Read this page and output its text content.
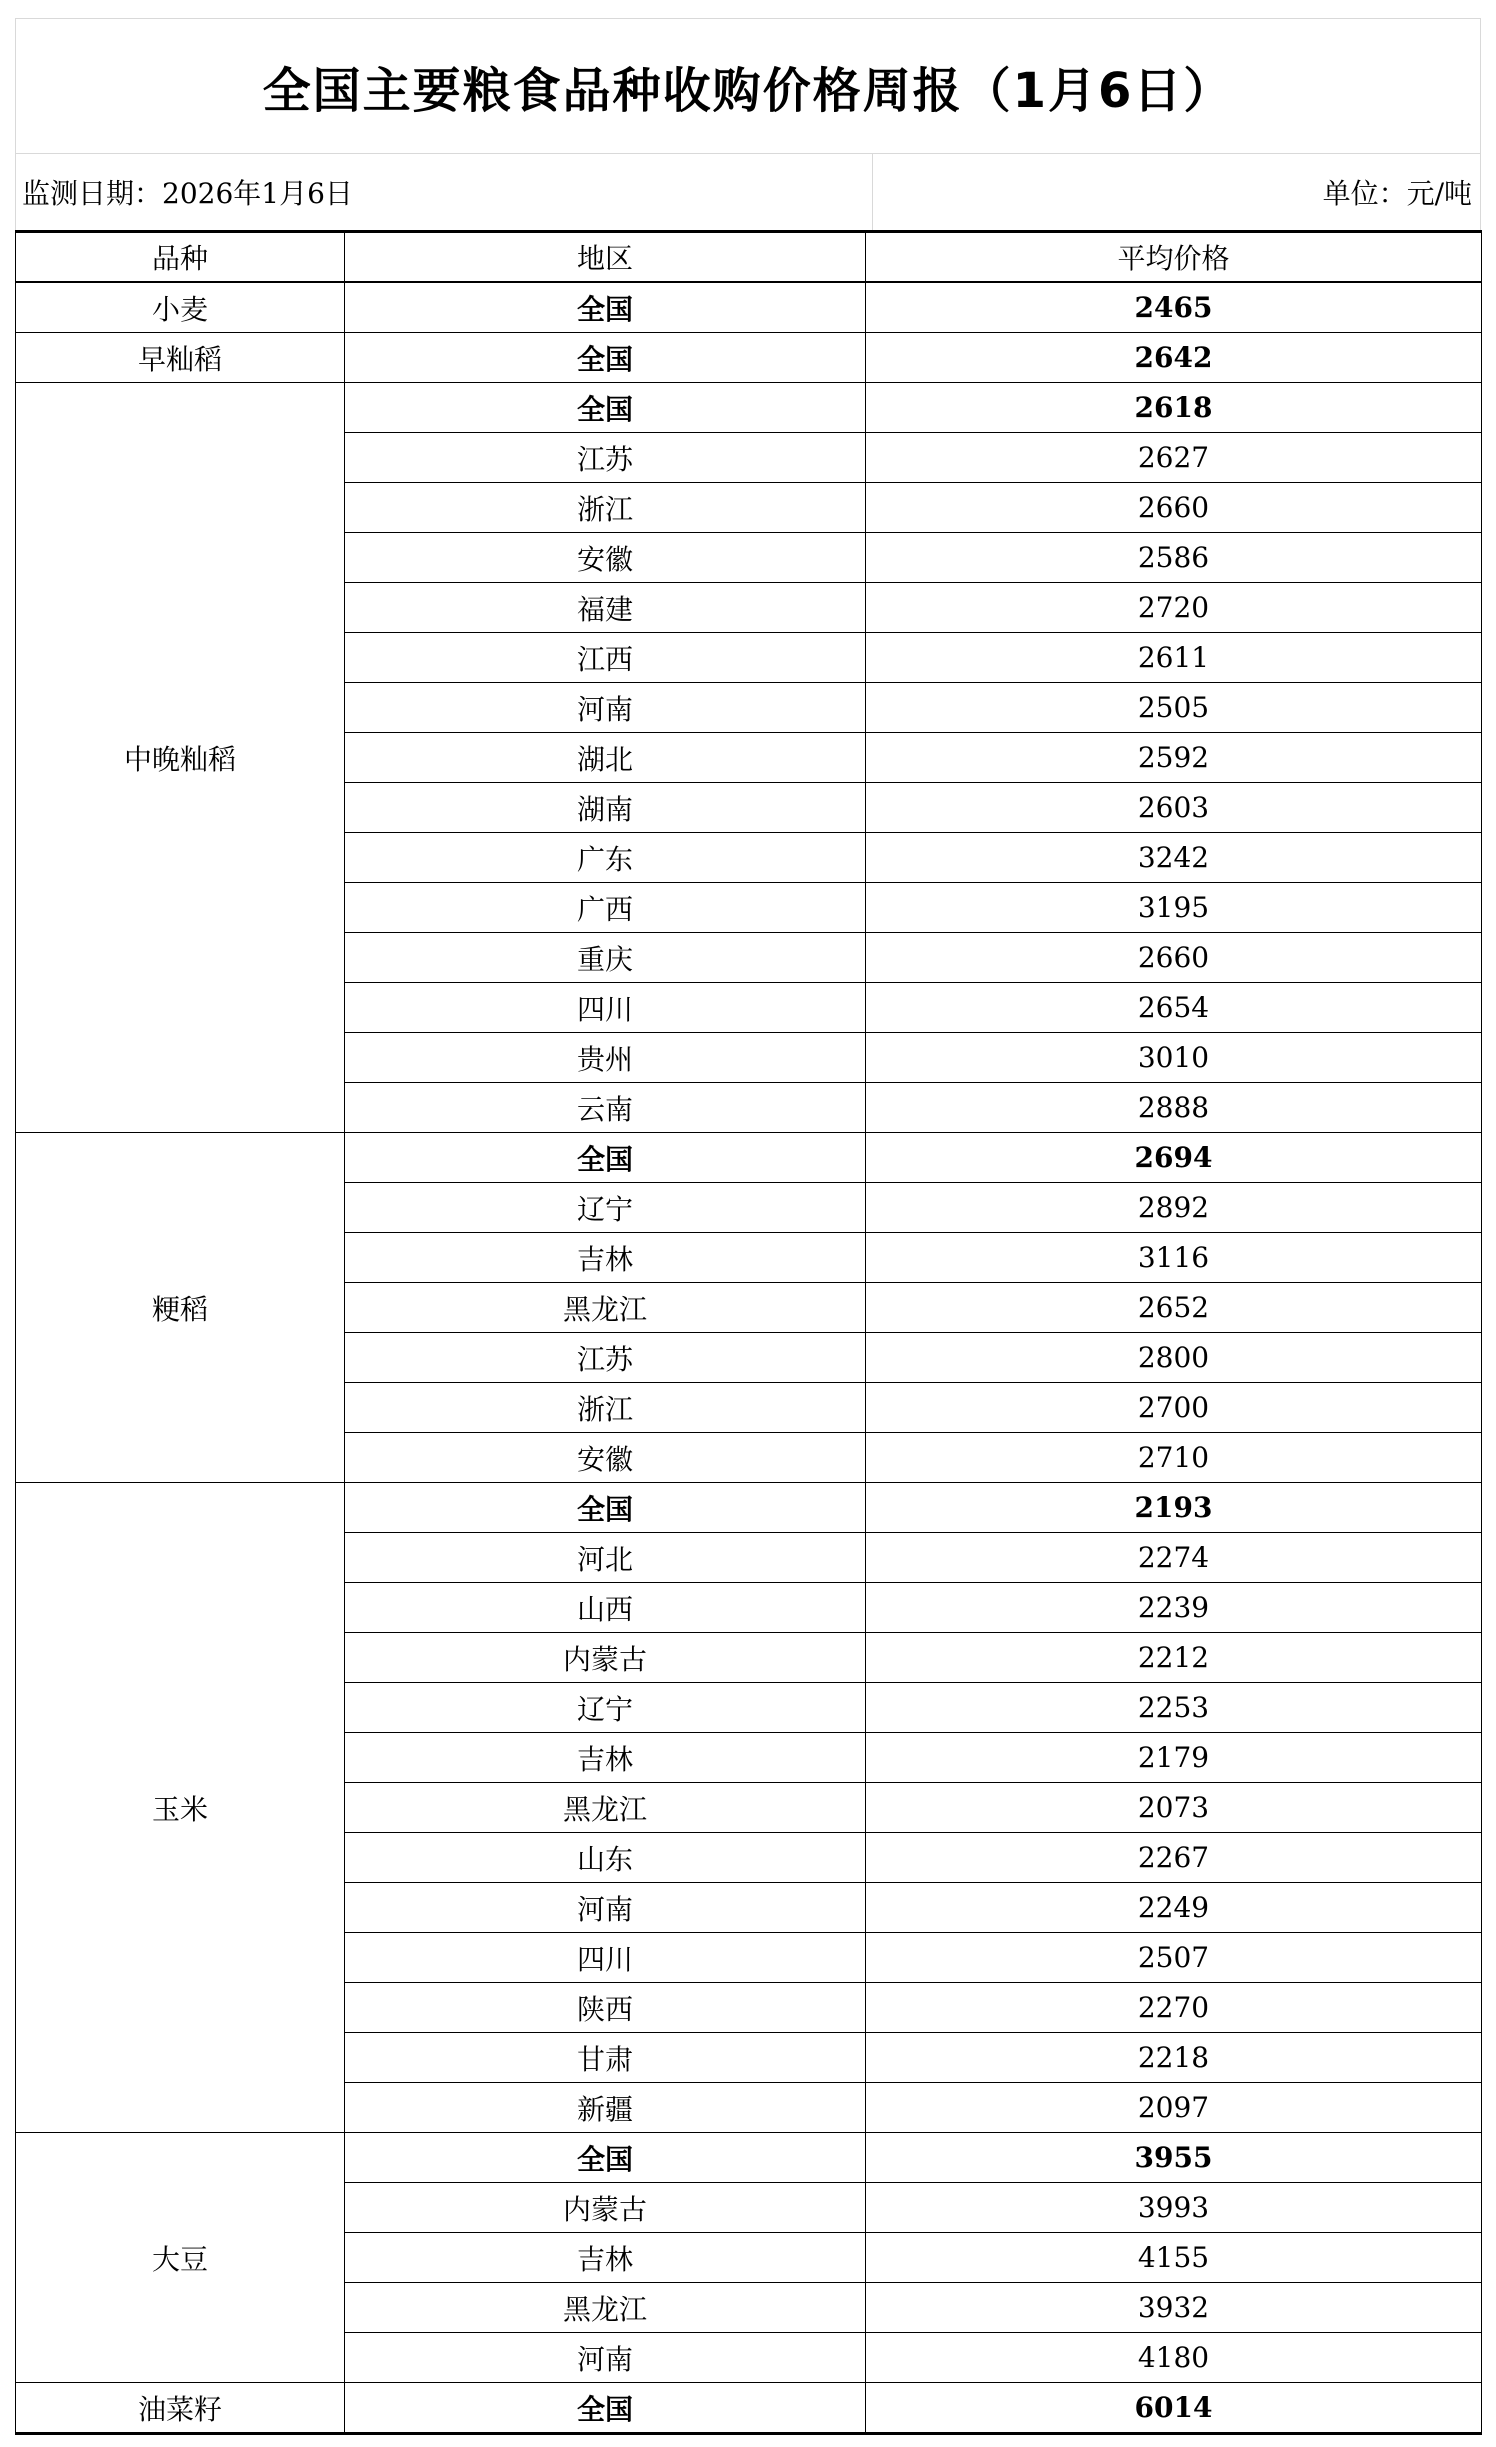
全国主要粮食品种收购价格周报（1月6日）
监测日期：2026年1月6日	单位：元/吨
品种	地区	平均价格
小麦	全国	2465
早籼稻	全国	2642
中晚籼稻	全国	2618
	江苏	2627
	浙江	2660
	安徽	2586
	福建	2720
	江西	2611
	河南	2505
	湖北	2592
	湖南	2603
	广东	3242
	广西	3195
	重庆	2660
	四川	2654
	贵州	3010
	云南	2888
粳稻	全国	2694
	辽宁	2892
	吉林	3116
	黑龙江	2652
	江苏	2800
	浙江	2700
	安徽	2710
玉米	全国	2193
	河北	2274
	山西	2239
	内蒙古	2212
	辽宁	2253
	吉林	2179
	黑龙江	2073
	山东	2267
	河南	2249
	四川	2507
	陕西	2270
	甘肃	2218
	新疆	2097
大豆	全国	3955
	内蒙古	3993
	吉林	4155
	黑龙江	3932
	河南	4180
油菜籽	全国	6014
